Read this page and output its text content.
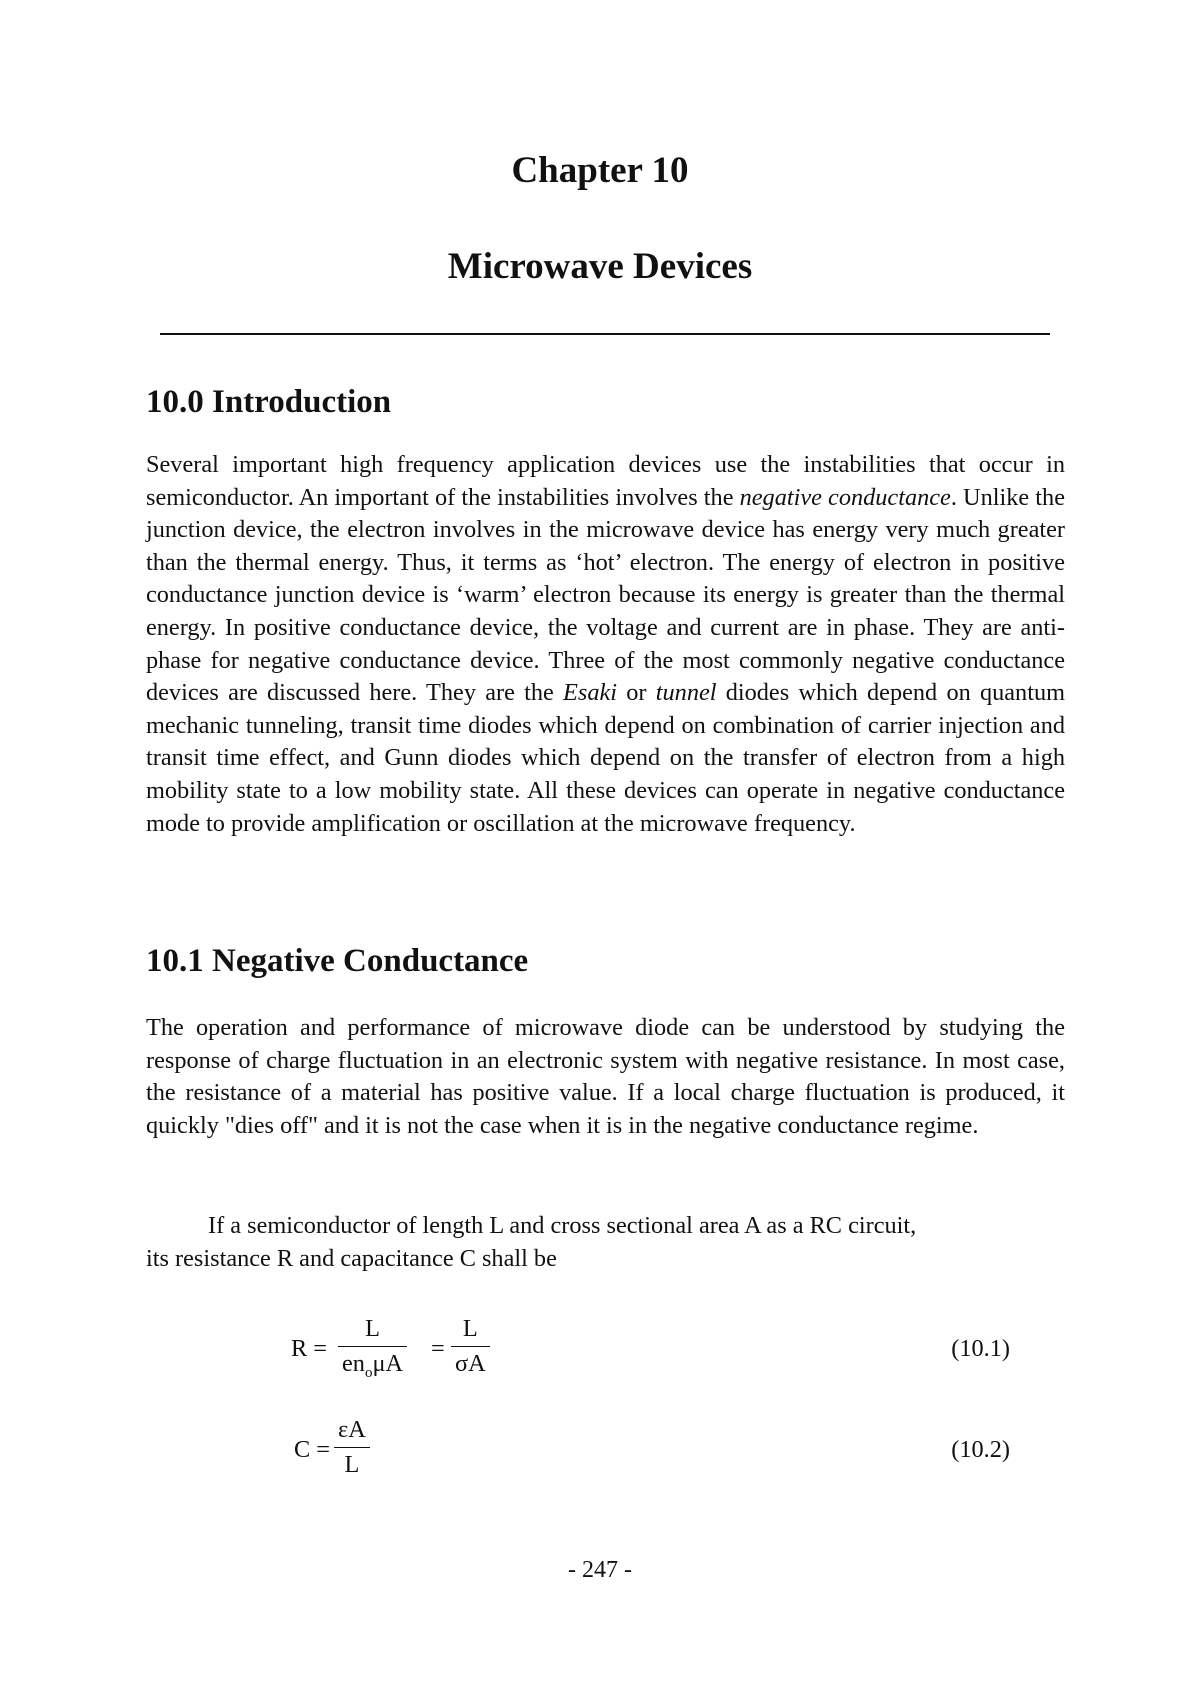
Chapter 10
Microwave Devices
10.0 Introduction

Several important high frequency application devices use the instabilities that occur in semiconductor. An important of the instabilities involves the negative conductance. Unlike the junction device, the electron involves in the microwave device has energy very much greater than the thermal energy. Thus, it terms as ‘hot’ electron. The energy of electron in positive conductance junction device is ‘warm’ electron because its energy is greater than the thermal energy. In positive conductance device, the voltage and current are in phase. They are anti-phase for negative conductance device. Three of the most commonly negative conductance devices are discussed here. They are the Esaki or tunnel diodes which depend on quantum mechanic tunneling, transit time diodes which depend on combination of carrier injection and transit time effect, and Gunn diodes which depend on the transfer of electron from a high mobility state to a low mobility state. All these devices can operate in negative conductance mode to provide amplification or oscillation at the microwave frequency.

10.1 Negative Conductance

The operation and performance of microwave diode can be understood by studying the response of charge fluctuation in an electronic system with negative resistance. In most case, the resistance of a material has positive value. If a local charge fluctuation is produced, it quickly "dies off" and it is not the case when it is in the negative conductance regime.

If a semiconductor of length L and cross sectional area A as a RC circuit,
its resistance R and capacitance C shall be

R =
L
$en_o\mu A$
= $\frac{L}{\sigma A}$	(10.1)
$C = \frac{\varepsilon A}{L}$	(10.2)
- 247 -
